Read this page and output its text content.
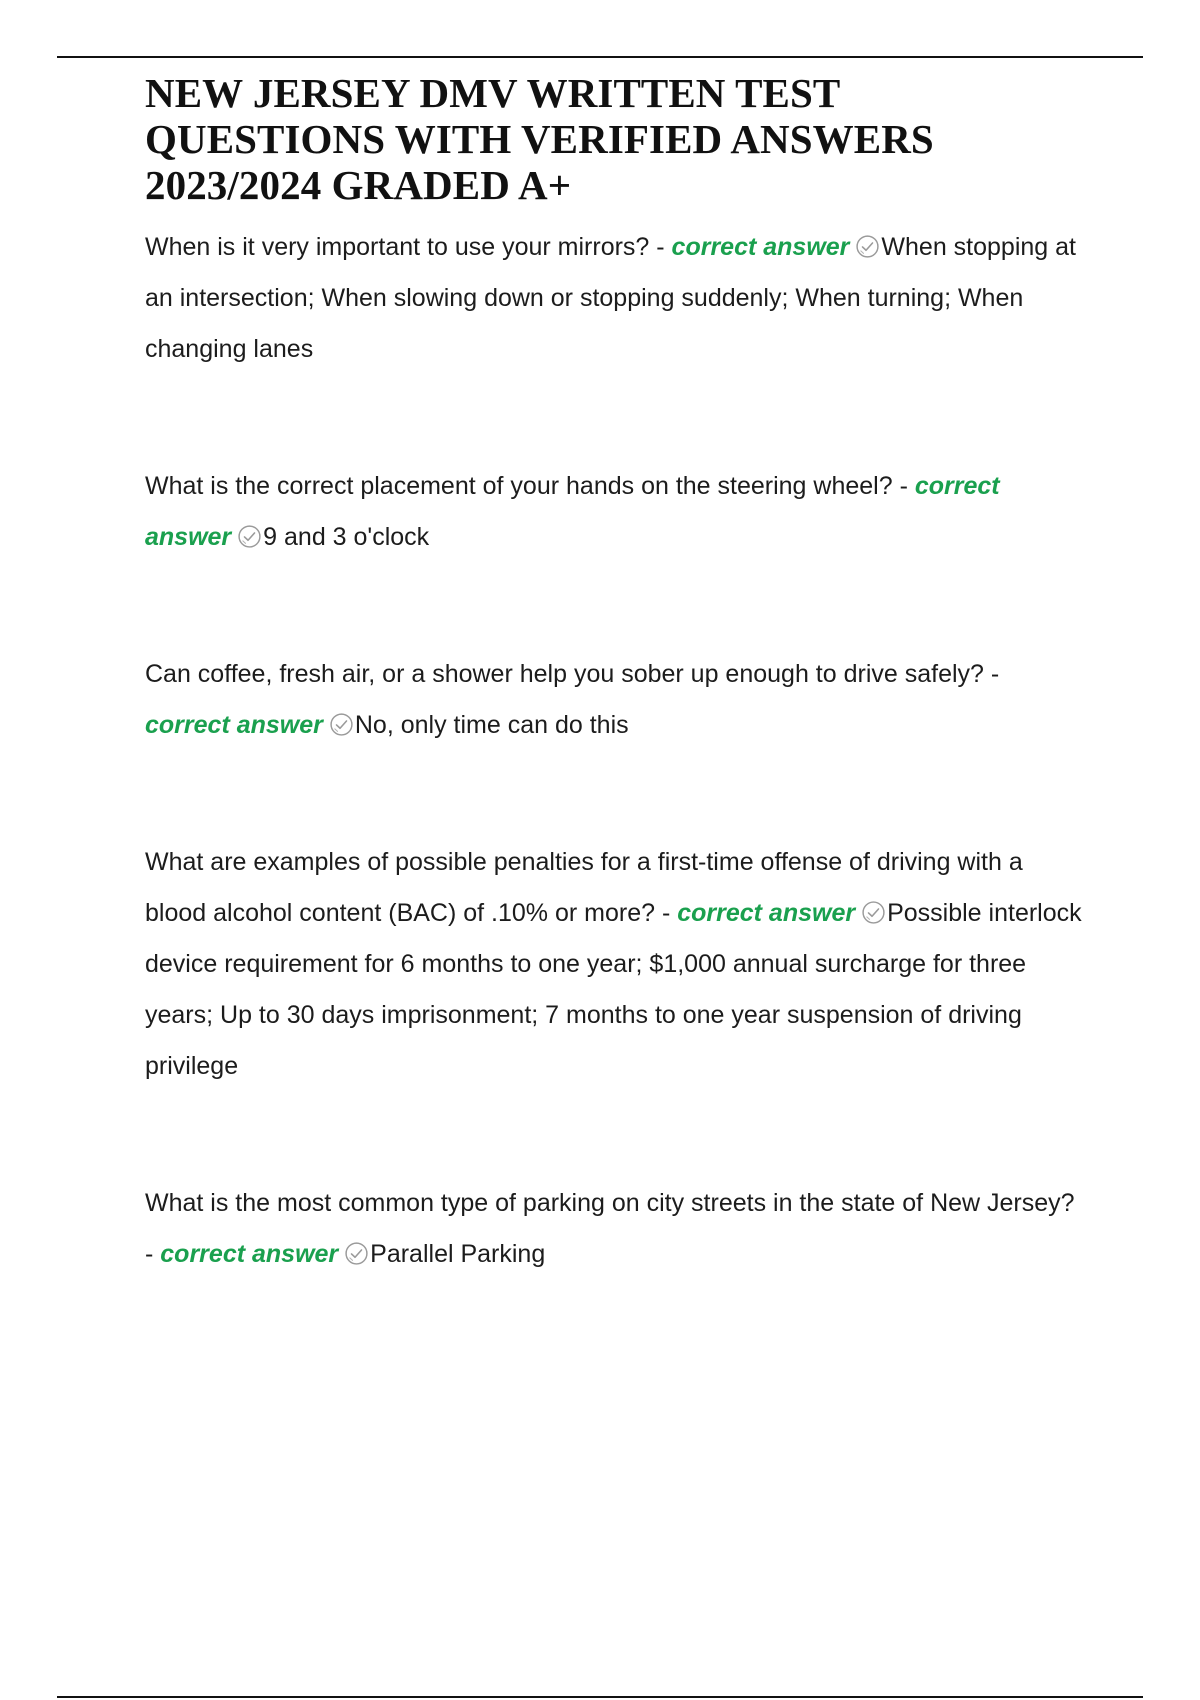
NEW JERSEY DMV WRITTEN TEST QUESTIONS WITH VERIFIED ANSWERS 2023/2024 GRADED A+

When is it very important to use your mirrors? - correct answer When stopping at an intersection; When slowing down or stopping suddenly; When turning; When changing lanes

What is the correct placement of your hands on the steering wheel? - correct answer 9 and 3 o'clock

Can coffee, fresh air, or a shower help you sober up enough to drive safely? - correct answer No, only time can do this

What are examples of possible penalties for a first-time offense of driving with a blood alcohol content (BAC) of .10% or more? - correct answer Possible interlock device requirement for 6 months to one year; $1,000 annual surcharge for three years; Up to 30 days imprisonment; 7 months to one year suspension of driving privilege

What is the most common type of parking on city streets in the state of New Jersey? - correct answer Parallel Parking
